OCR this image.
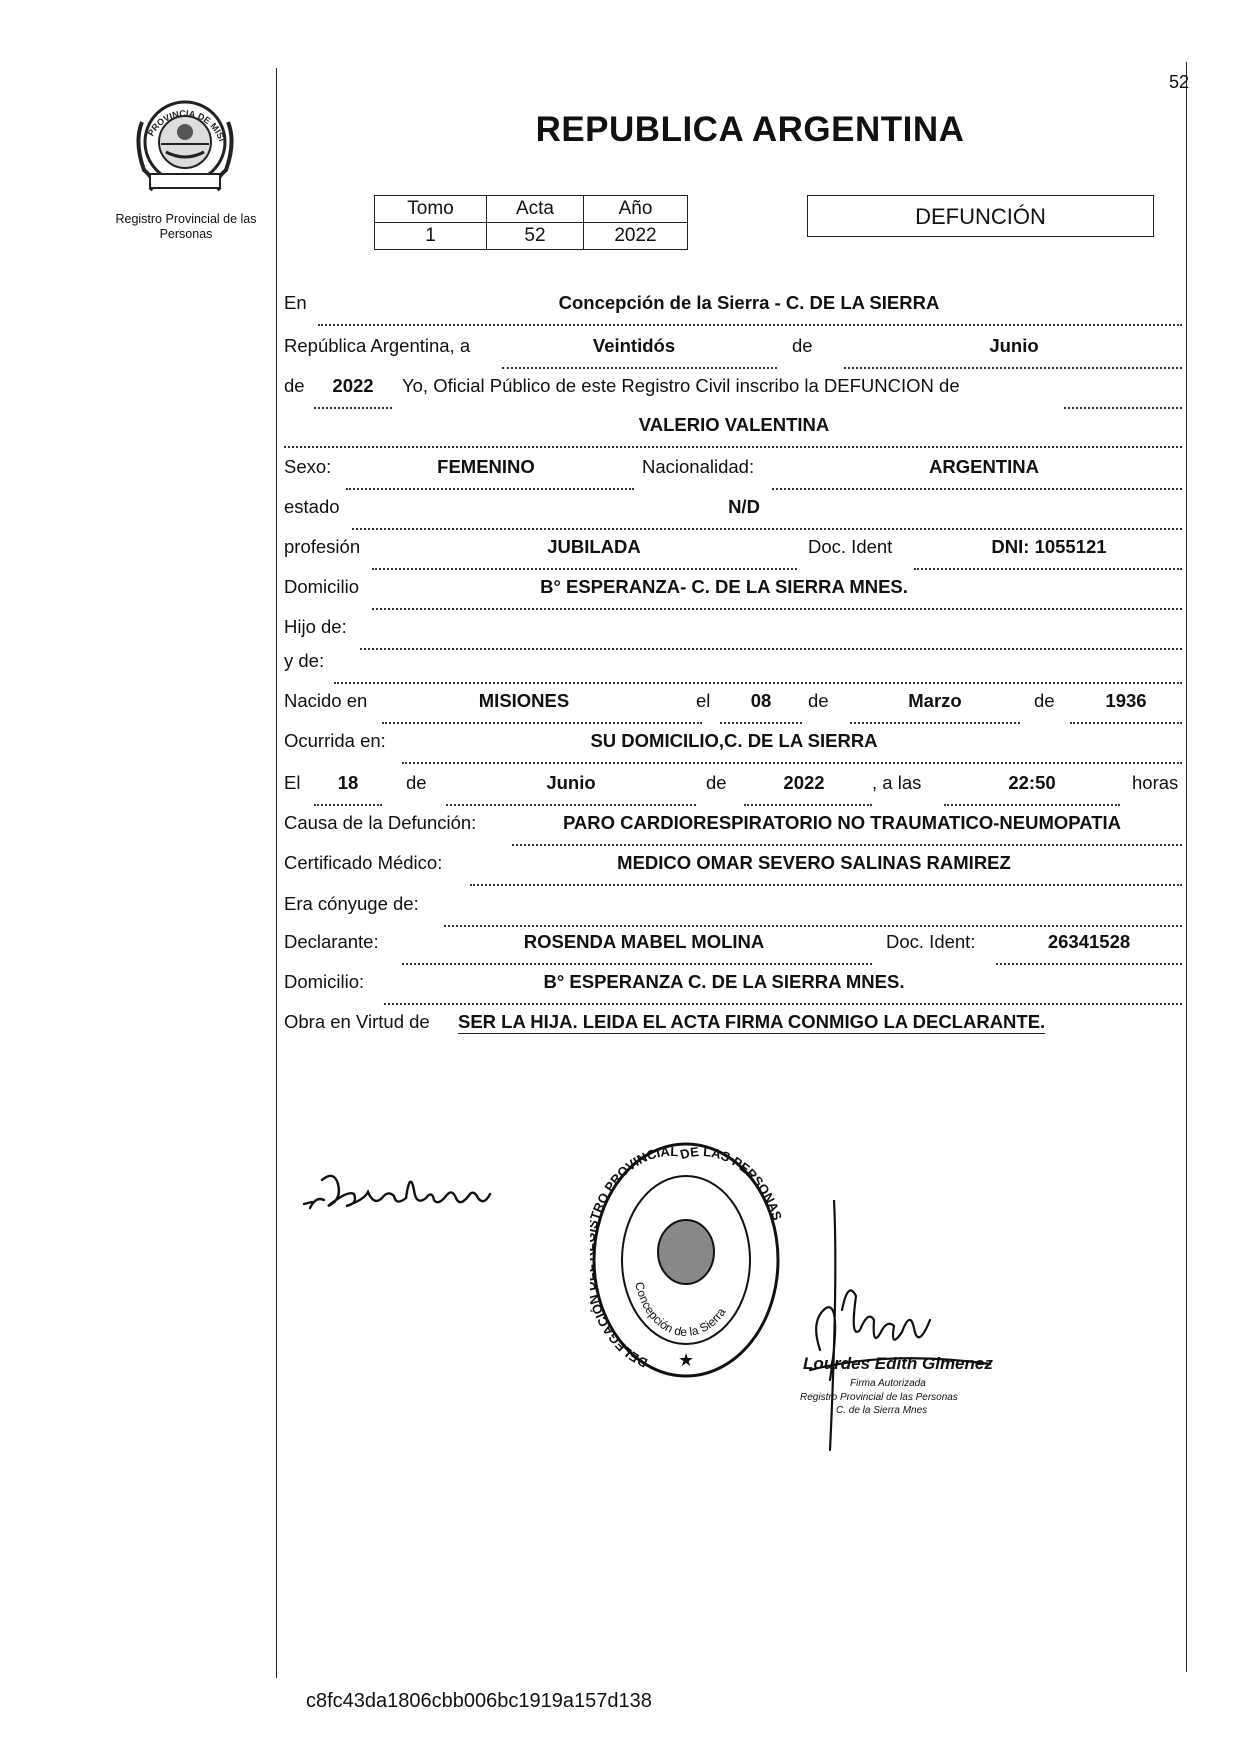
52
PROVINCIA DE MISI
Registro Provincial de las Personas
REPUBLICA ARGENTINA
Tomo	Acta	Año
1	52	2022
DEFUNCIÓN
En	Concepción de la Sierra - C. DE LA SIERRA
República Argentina, a	Veintidós	de	Junio
de	2022	Yo, Oficial Público de este Registro Civil inscribo la DEFUNCION de
VALERIO VALENTINA
Sexo:	FEMENINO	Nacionalidad:	ARGENTINA
estado	N/D
profesión	JUBILADA	Doc. Ident	DNI: 1055121
Domicilio	B° ESPERANZA- C. DE LA SIERRA MNES.
Hijo de:
y de:
Nacido en	MISIONES	el	08	de	Marzo	de	1936
Ocurrida en:	SU DOMICILIO,C. DE LA SIERRA
El	18	de	Junio	de	2022	, a las	22:50	horas
Causa de la Defunción:	PARO CARDIORESPIRATORIO NO TRAUMATICO-NEUMOPATIA
Certificado Médico:	MEDICO OMAR SEVERO SALINAS RAMIREZ
Era cónyuge de:
Declarante:	ROSENDA MABEL MOLINA	Doc. Ident:	26341528
Domicilio:	B° ESPERANZA C. DE LA SIERRA MNES.
Obra en Virtud de SER LA HIJA. LEIDA EL ACTA FIRMA CONMIGO LA DECLARANTE.
DELEGACIÓ RO PROVINCIAL DE LAS PERSONA
Concepción de la Sierra
★	Lourdes Edith Gimenez
Firma Autorizada
Registro Provincial de las Personas
C. de la Sierra Mnes
c8fc43da1806cbb006bc1919a157d138
